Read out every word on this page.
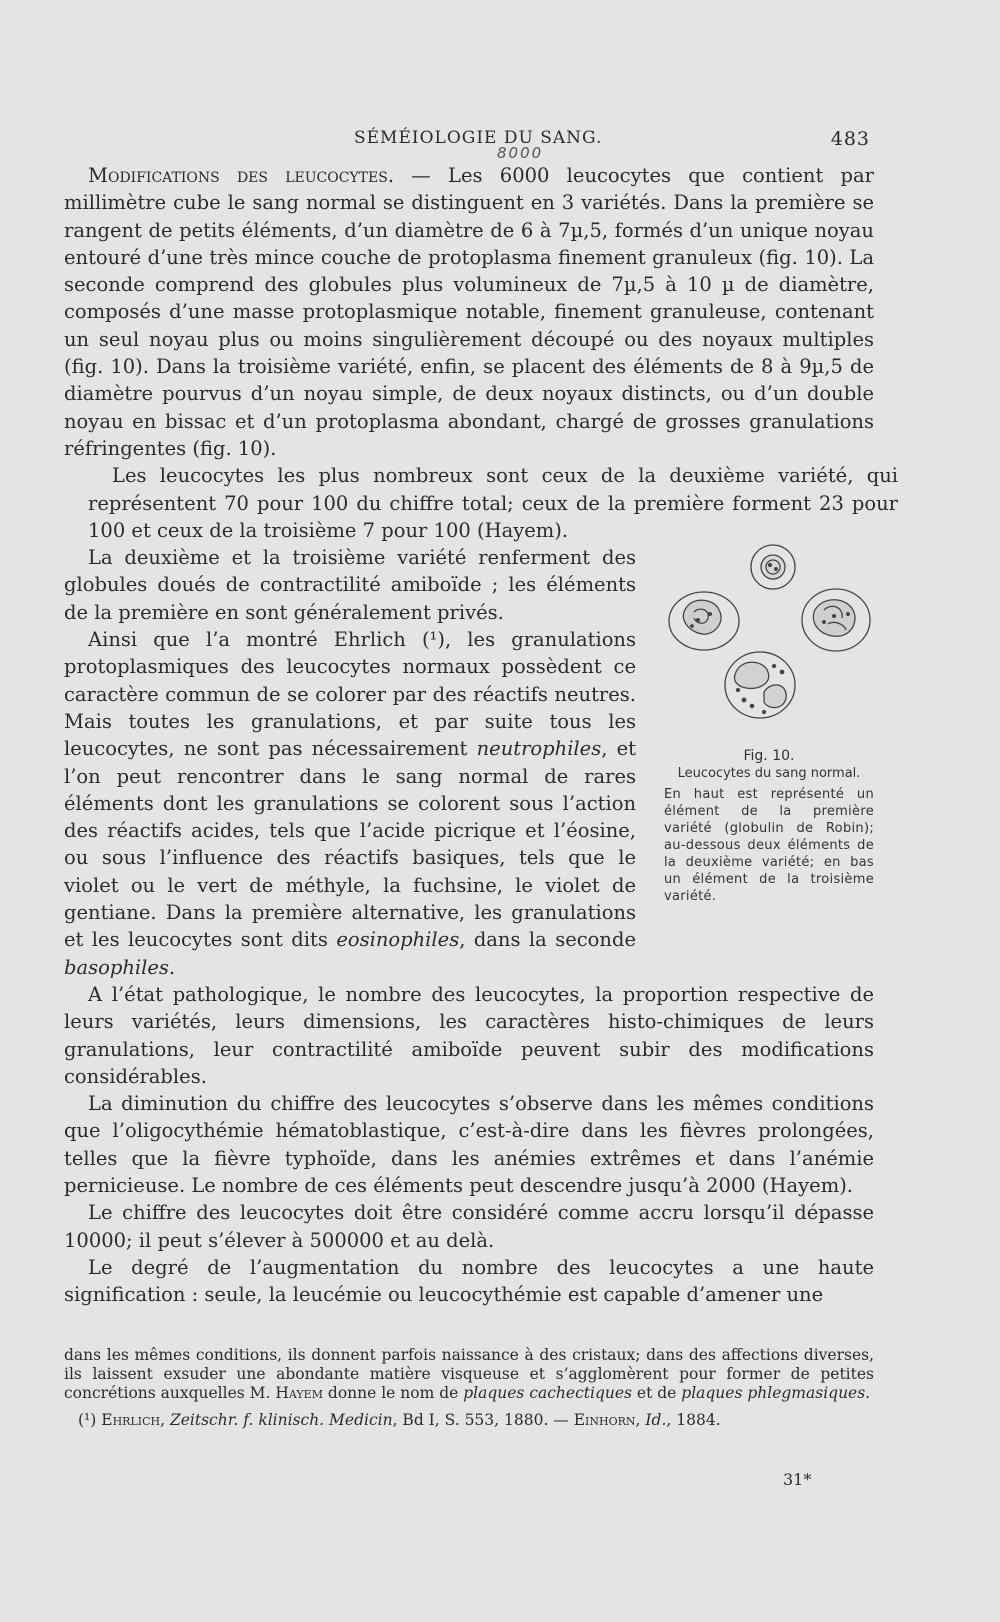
SÉMÉIOLOGIE DU SANG.	483
8000

Modifications des leucocytes. — Les 6000 leucocytes que contient par millimètre cube le sang normal se distinguent en 3 variétés. Dans la première se rangent de petits éléments, d’un diamètre de 6 à 7µ,5, formés d’un unique noyau entouré d’une très mince couche de protoplasma finement granuleux (fig. 10). La seconde comprend des globules plus volumineux de 7µ,5 à 10 µ de diamètre, composés d’une masse protoplasmique notable, finement granuleuse, contenant un seul noyau plus ou moins singulièrement découpé ou des noyaux multiples (fig. 10). Dans la troisième variété, enfin, se placent des éléments de 8 à 9µ,5 de diamètre pourvus d’un noyau simple, de deux noyaux distincts, ou d’un double noyau en bissac et d’un protoplasma abondant, chargé de grosses granulations réfringentes (fig. 10).

Les leucocytes les plus nombreux sont ceux de la deuxième variété, qui représentent 70 pour 100 du chiffre total; ceux de la première forment 23 pour 100 et ceux de la troisième 7 pour 100 (Hayem).

La deuxième et la troisième variété renferment des globules doués de contractilité amiboïde ; les éléments de la première en sont généralement privés.

Ainsi que l’a montré Ehrlich (¹), les granulations protoplasmiques des leucocytes normaux possèdent ce caractère commun de se colorer par des réactifs neutres. Mais toutes les granulations, et par suite tous les leucocytes, ne sont pas nécessairement neutrophiles, et l’on peut rencontrer dans le sang normal de rares éléments dont les granulations se colorent sous l’action des réactifs acides, tels que l’acide picrique et l’éosine, ou sous l’influence des réactifs basiques, tels que le violet ou le vert de méthyle, la fuchsine, le violet de gentiane. Dans la première alternative, les granulations et les leucocytes sont dits eosinophiles, dans la seconde basophiles.

A l’état pathologique, le nombre des leucocytes, la proportion respective de leurs variétés, leurs dimensions, les caractères histo-chimiques de leurs granulations, leur contractilité amiboïde peuvent subir des modifications considérables.

La diminution du chiffre des leucocytes s’observe dans les mêmes conditions que l’oligocythémie hématoblastique, c’est-à-dire dans les fièvres prolongées, telles que la fièvre typhoïde, dans les anémies extrêmes et dans l’anémie pernicieuse. Le nombre de ces éléments peut descendre jusqu’à 2000 (Hayem).

Le chiffre des leucocytes doit être considéré comme accru lorsqu’il dépasse 10000; il peut s’élever à 500000 et au delà.

Le degré de l’augmentation du nombre des leucocytes a une haute signification : seule, la leucémie ou leucocythémie est capable d’amener une

Fig. 10.
Leucocytes du sang normal.
En haut est représenté un élément de la première variété (globulin de Robin); au-dessous deux éléments de la deuxième variété; en bas un élément de la troisième variété.

dans les mêmes conditions, ils donnent parfois naissance à des cristaux; dans des affections diverses, ils laissent exsuder une abondante matière visqueuse et s’agglomèrent pour former de petites concrétions auxquelles M. Hayem donne le nom de plaques cachectiques et de plaques phlegmasiques.

(¹) Ehrlich, Zeitschr. f. klinisch. Medicin, Bd I, S. 553, 1880. — Einhorn, Id., 1884.

31*
